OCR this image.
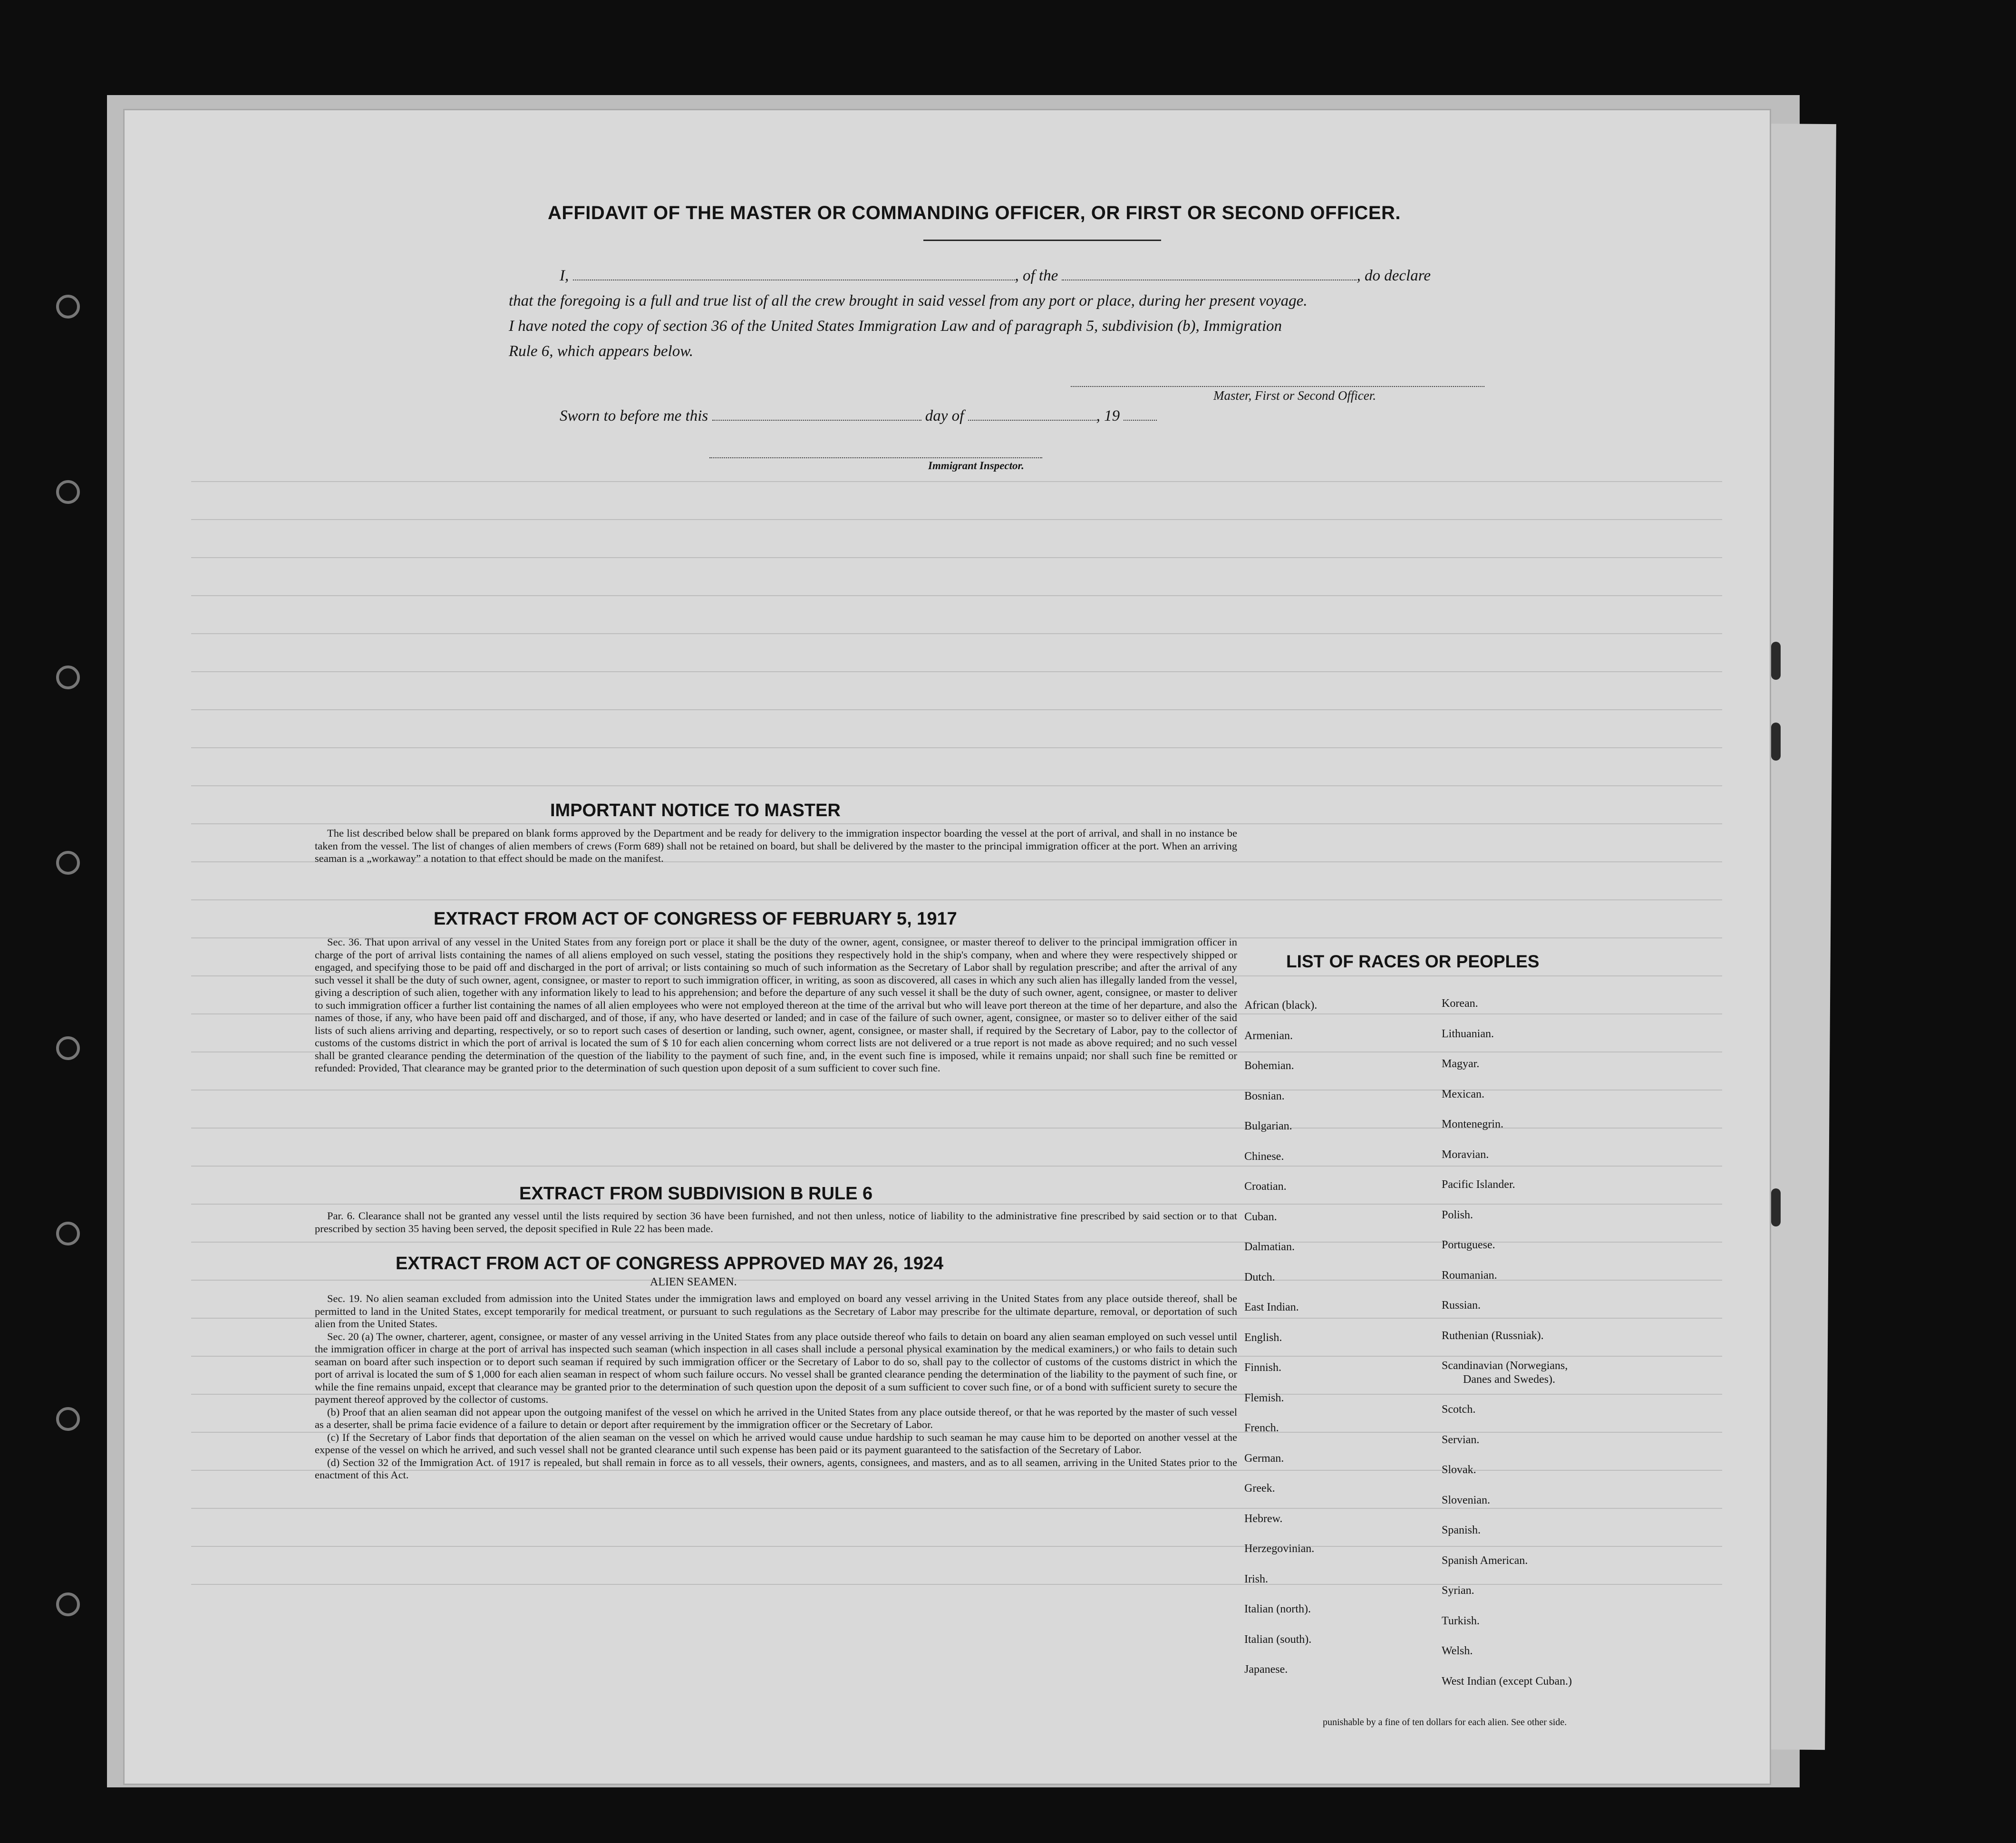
AFFIDAVIT OF THE MASTER OR COMMANDING OFFICER, OR FIRST OR SECOND OFFICER.
I,	, of the	, do declare
that the foregoing is a full and true list of all the crew brought in said vessel from any port or place, during her present voyage.
I have noted the copy of section 36 of the United States Immigration Law and of paragraph 5, subdivision (b), Immigration
Rule 6, which appears below.
Master, First or Second Officer.
Sworn to before me this	day of	, 19
Immigrant Inspector.
IMPORTANT NOTICE TO MASTER

The list described below shall be prepared on blank forms approved by the Department and be ready for delivery to the immigration inspector boarding the vessel at the port of arrival, and shall in no instance be taken from the vessel. The list of changes of alien members of crews (Form 689) shall not be retained on board, but shall be delivered by the master to the principal immigration officer at the port. When an arriving seaman is a „workaway” a notation to that effect should be made on the manifest.

EXTRACT FROM ACT OF CONGRESS OF FEBRUARY 5, 1917

Sec. 36. That upon arrival of any vessel in the United States from any foreign port or place it shall be the duty of the owner, agent, consignee, or master thereof to deliver to the principal immigration officer in charge of the port of arrival lists containing the names of all aliens employed on such vessel, stating the positions they respectively hold in the ship's company, when and where they were respectively shipped or engaged, and specifying those to be paid off and discharged in the port of arrival; or lists containing so much of such information as the Secretary of Labor shall by regulation prescribe; and after the arrival of any such vessel it shall be the duty of such owner, agent, consignee, or master to report to such immigration officer, in writing, as soon as discovered, all cases in which any such alien has illegally landed from the vessel, giving a description of such alien, together with any information likely to lead to his apprehension; and before the departure of any such vessel it shall be the duty of such owner, agent, consignee, or master to deliver to such immigration officer a further list containing the names of all alien employees who were not employed thereon at the time of the arrival but who will leave port thereon at the time of her departure, and also the names of those, if any, who have been paid off and discharged, and of those, if any, who have deserted or landed; and in case of the failure of such owner, agent, consignee, or master so to deliver either of the said lists of such aliens arriving and departing, respectively, or so to report such cases of desertion or landing, such owner, agent, consignee, or master shall, if required by the Secretary of Labor, pay to the collector of customs of the customs district in which the port of arrival is located the sum of $ 10 for each alien concerning whom correct lists are not delivered or a true report is not made as above required; and no such vessel shall be granted clearance pending the determination of the question of the liability to the payment of such fine, and, in the event such fine is imposed, while it remains unpaid; nor shall such fine be remitted or refunded: Provided, That clearance may be granted prior to the determination of such question upon deposit of a sum sufficient to cover such fine.

EXTRACT FROM SUBDIVISION B RULE 6

Par. 6. Clearance shall not be granted any vessel until the lists required by section 36 have been furnished, and not then unless, notice of liability to the administrative fine prescribed by said section or to that prescribed by section 35 having been served, the deposit specified in Rule 22 has been made.

EXTRACT FROM ACT OF CONGRESS APPROVED MAY 26, 1924
ALIEN SEAMEN.

Sec. 19. No alien seaman excluded from admission into the United States under the immigration laws and employed on board any vessel arriving in the United States from any place outside thereof, shall be permitted to land in the United States, except temporarily for medical treatment, or pursuant to such regulations as the Secretary of Labor may prescribe for the ultimate departure, removal, or deportation of such alien from the United States.

Sec. 20 (a) The owner, charterer, agent, consignee, or master of any vessel arriving in the United States from any place outside thereof who fails to detain on board any alien seaman employed on such vessel until the immigration officer in charge at the port of arrival has inspected such seaman (which inspection in all cases shall include a personal physical examination by the medical examiners,) or who fails to detain such seaman on board after such inspection or to deport such seaman if required by such immigration officer or the Secretary of Labor to do so, shall pay to the collector of customs of the customs district in which the port of arrival is located the sum of $ 1,000 for each alien seaman in respect of whom such failure occurs. No vessel shall be granted clearance pending the determination of the liability to the payment of such fine, or while the fine remains unpaid, except that clearance may be granted prior to the determination of such question upon the deposit of a sum sufficient to cover such fine, or of a bond with sufficient surety to secure the payment thereof approved by the collector of customs.

(b) Proof that an alien seaman did not appear upon the outgoing manifest of the vessel on which he arrived in the United States from any place outside thereof, or that he was reported by the master of such vessel as a deserter, shall be prima facie evidence of a failure to detain or deport after requirement by the immigration officer or the Secretary of Labor.

(c) If the Secretary of Labor finds that deportation of the alien seaman on the vessel on which he arrived would cause undue hardship to such seaman he may cause him to be deported on another vessel at the expense of the vessel on which he arrived, and such vessel shall not be granted clearance until such expense has been paid or its payment guaranteed to the satisfaction of the Secretary of Labor.

(d) Section 32 of the Immigration Act. of 1917 is repealed, but shall remain in force as to all vessels, their owners, agents, consignees, and masters, and as to all seamen, arriving in the United States prior to the enactment of this Act.

LIST OF RACES OR PEOPLES
punishable by a fine of ten dollars for each alien. See other side.
African (black).
Armenian.
Bohemian.
Bosnian.
Bulgarian.
Chinese.
Croatian.
Cuban.
Dalmatian.
Dutch.
East Indian.
English.
Finnish.
Flemish.
French.
German.
Greek.
Hebrew.
Herzegovinian.
Irish.
Italian (north).
Italian (south).
Japanese.
Korean.
Lithuanian.
Magyar.
Mexican.
Montenegrin.
Moravian.
Pacific Islander.
Polish.
Portuguese.
Roumanian.
Russian.
Ruthenian (Russniak).
Scandinavian (Norwegians,
Danes and Swedes).
Scotch.
Servian.
Slovak.
Slovenian.
Spanish.
Spanish American.
Syrian.
Turkish.
Welsh.
West Indian (except Cuban.)
